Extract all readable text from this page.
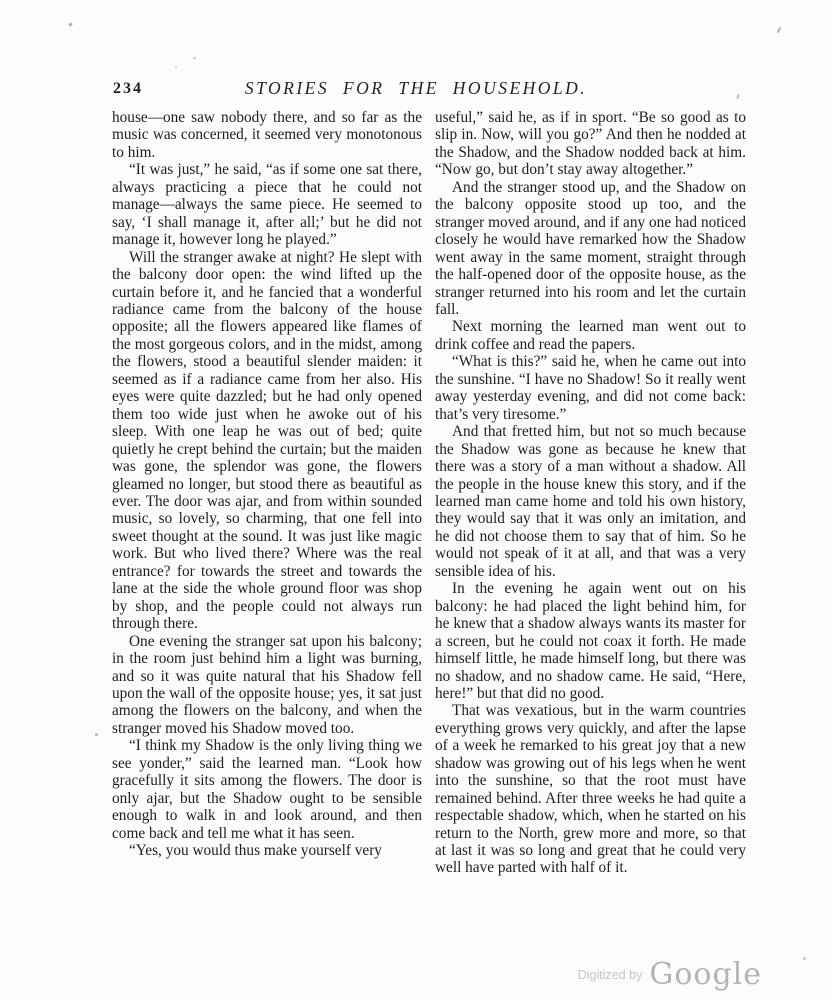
234	STORIES FOR THE HOUSEHOLD.

house—one saw nobody there, and so far as the music was concerned, it seemed very monotonous to him.

“It was just,” he said, “as if some one sat there, always practicing a piece that he could not manage—always the same piece. He seemed to say, ‘I shall manage it, after all;’ but he did not manage it, however long he played.”

Will the stranger awake at night? He slept with the balcony door open: the wind lifted up the curtain before it, and he fancied that a wonderful radiance came from the balcony of the house opposite; all the flowers appeared like flames of the most gorgeous colors, and in the midst, among the flowers, stood a beautiful slender maiden: it seemed as if a radiance came from her also. His eyes were quite dazzled; but he had only opened them too wide just when he awoke out of his sleep. With one leap he was out of bed; quite quietly he crept behind the curtain; but the maiden was gone, the splendor was gone, the flowers gleamed no longer, but stood there as beautiful as ever. The door was ajar, and from within sounded music, so lovely, so charming, that one fell into sweet thought at the sound. It was just like magic work. But who lived there? Where was the real entrance? for towards the street and towards the lane at the side the whole ground floor was shop by shop, and the people could not always run through there.

One evening the stranger sat upon his balcony; in the room just behind him a light was burning, and so it was quite natural that his Shadow fell upon the wall of the opposite house; yes, it sat just among the flowers on the balcony, and when the stranger moved his Shadow moved too.

“I think my Shadow is the only living thing we see yonder,” said the learned man. “Look how gracefully it sits among the flowers. The door is only ajar, but the Shadow ought to be sensible enough to walk in and look around, and then come back and tell me what it has seen.

“Yes, you would thus make yourself very

useful,” said he, as if in sport. “Be so good as to slip in. Now, will you go?” And then he nodded at the Shadow, and the Shadow nodded back at him. “Now go, but don’t stay away altogether.”

And the stranger stood up, and the Shadow on the balcony opposite stood up too, and the stranger moved around, and if any one had noticed closely he would have remarked how the Shadow went away in the same moment, straight through the half-opened door of the opposite house, as the stranger returned into his room and let the curtain fall.

Next morning the learned man went out to drink coffee and read the papers.

“What is this?” said he, when he came out into the sunshine. “I have no Shadow! So it really went away yesterday evening, and did not come back: that’s very tiresome.”

And that fretted him, but not so much because the Shadow was gone as because he knew that there was a story of a man without a shadow. All the people in the house knew this story, and if the learned man came home and told his own history, they would say that it was only an imitation, and he did not choose them to say that of him. So he would not speak of it at all, and that was a very sensible idea of his.

In the evening he again went out on his balcony: he had placed the light behind him, for he knew that a shadow always wants its master for a screen, but he could not coax it forth. He made himself little, he made himself long, but there was no shadow, and no shadow came. He said, “Here, here!” but that did no good.

That was vexatious, but in the warm countries everything grows very quickly, and after the lapse of a week he remarked to his great joy that a new shadow was growing out of his legs when he went into the sunshine, so that the root must have remained behind. After three weeks he had quite a respectable shadow, which, when he started on his return to the North, grew more and more, so that at last it was so long and great that he could very well have parted with half of it.

Digitized by Google
